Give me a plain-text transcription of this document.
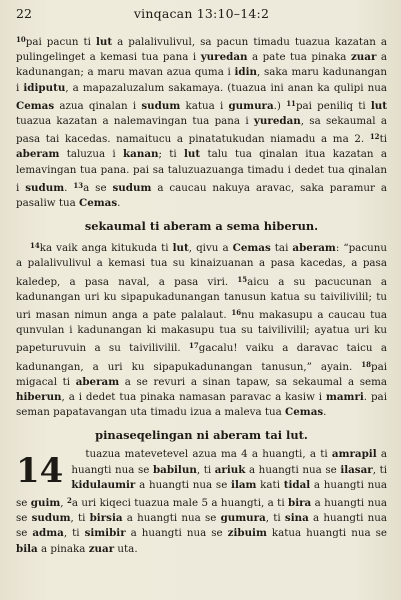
22	vinqacan 13:10–14:2

$^{10}$pai pacun ti lut a palalivulivul, sa pacun timadu tuazua kazatan a pulingelinget a kemasi tua pana i yuredan a pate tua pinaka zuar a kadunangan; a maru mavan azua quma i idin, saka maru kadunangan i idiputu, a mapazaluzalum sakamaya. (tuazua ini anan ka qulipi nua Cemas azua qinalan i sudum katua i gumura.) $^{11}$pai peniliq ti lut tuazua kazatan a nalemavingan tua pana i yuredan, sa sekaumal a pasa tai kacedas. namaitucu a pinatatukudan niamadu a ma 2. $^{12}$ti aberam taluzua i kanan; ti lut talu tua qinalan itua kazatan a lemavingan tua pana. pai sa taluzuazuanga timadu i dedet tua qinalan i sudum. $^{13}$a se sudum a caucau nakuya aravac, saka paramur a pasaliw tua Cemas.

sekaumal ti aberam a sema hiberun.

$^{14}$ka vaik anga kitukuda ti lut, qivu a Cemas tai aberam: “pacunu a palalivulivul a kemasi tua su kinaizuanan a pasa kacedas, a pasa kaledep, a pasa naval, a pasa viri. $^{15}$aicu a su pacucunan a kadunangan uri ku sipapukadunangan tanusun katua su taivilivilil; tu uri masan nimun anga a pate palalaut. $^{16}$nu makasupu a caucau tua qunvulan i kadunangan ki makasupu tua su taivilivilil; ayatua uri ku papeturuvuin a su taivilivilil. $^{17}$gacalu! vaiku a daravac taicu a kadunangan, a uri ku sipapukadunangan tanusun,” ayain. $^{18}$pai migacal ti aberam a se revuri a sinan tapaw, sa sekaumal a sema hiberun, a i dedet tua pinaka namasan paravac a kasiw i mamri. pai seman papatavangan uta timadu izua a maleva tua Cemas.

pinaseqelingan ni aberam tai lut.
14	tuazua matevetevel azua ma 4 a huangti, a ti amrapil a huangti nua se babilun, ti ariuk a huangti nua se ilasar, ti kidulaumir a huangti nua se ilam kati tidal a huangti nua se guim, $^2$a uri kiqeci tuazua male 5 a huangti, a ti bira a huangti nua se sudum, ti birsia a huangti nua se gumura, ti sina a huangti nua se adma, ti simibir a huangti nua se zibuim katua huangti nua se bila a pinaka zuar uta.
